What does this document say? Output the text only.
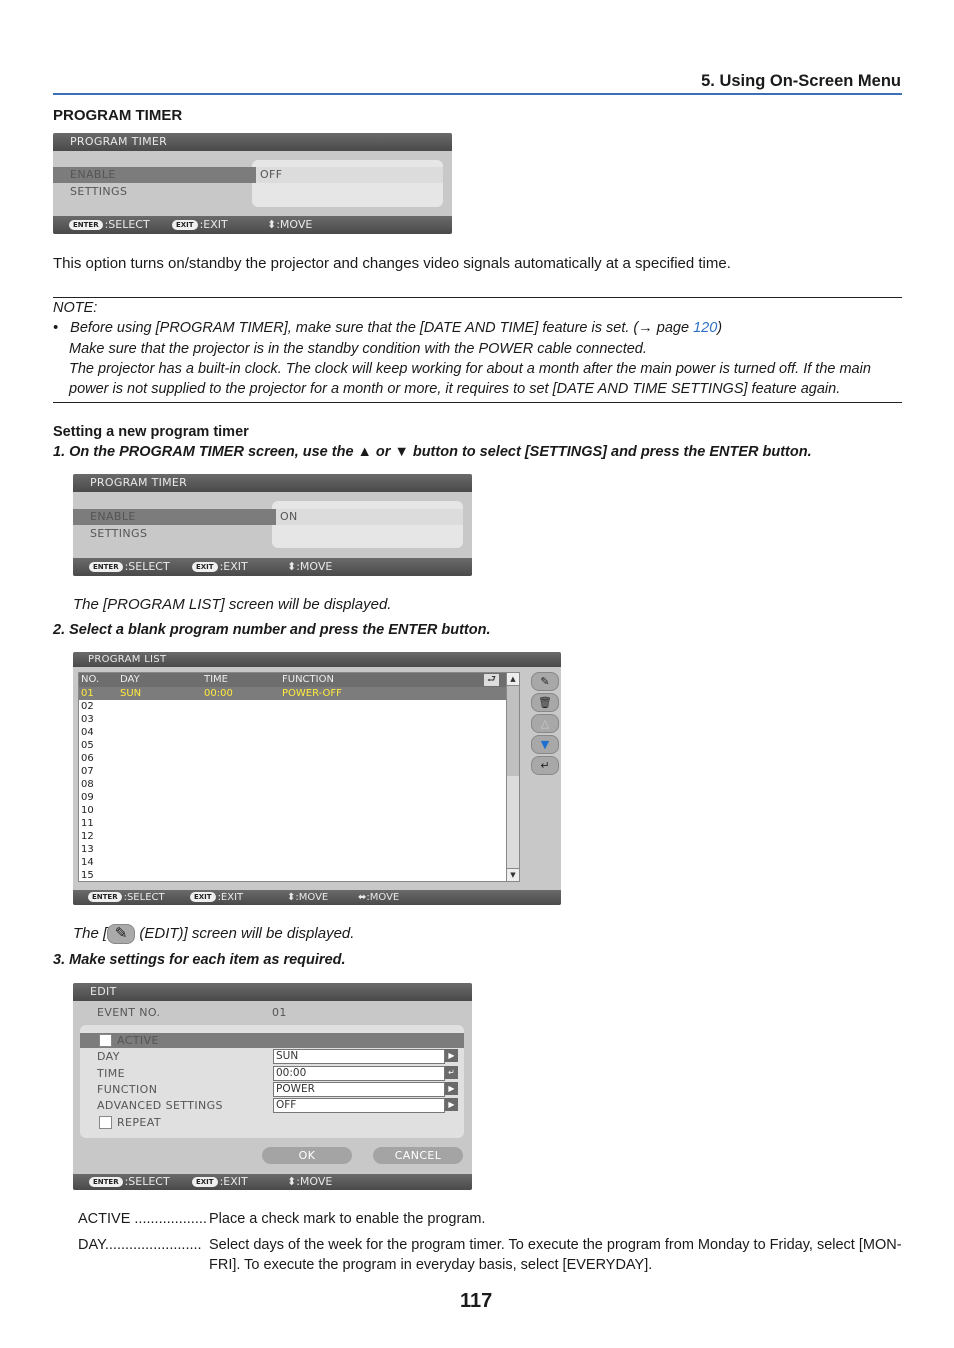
5. Using On-Screen Menu
PROGRAM TIMER
PROGRAM TIMER
ENABLE	OFF
SETTINGS
ENTER :SELECT	EXIT :EXIT	⬍:MOVE
This option turns on/standby the projector and changes video signals automatically at a specified time.
NOTE:
• Before using [PROGRAM TIMER], make sure that the [DATE AND TIME] feature is set. (→ page 120)
Make sure that the projector is in the standby condition with the POWER cable connected.
The projector has a built-in clock. The clock will keep working for about a month after the main power is turned off. If the main power is not supplied to the projector for a month or more, it requires to set [DATE AND TIME SETTINGS] feature again.
Setting a new program timer
1. On the PROGRAM TIMER screen, use the ▲ or ▼ button to select [SETTINGS] and press the ENTER button.
PROGRAM TIMER
ENABLE	ON
SETTINGS
ENTER :SELECT	EXIT :EXIT	⬍:MOVE
The [PROGRAM LIST] screen will be displayed.
2. Select a blank program number and press the ENTER button.
PROGRAM LIST
NO. DAY	TIME	FUNCTION	⮐
01	SUN	00:00	POWER-OFF
02
03
04
05
06
07
08
09
10
11
12
13
14
15
▲
▼
✎
🗑
△
▼
↵
ENTER :SELECT	EXIT :EXIT	⬍:MOVE	⬌:MOVE
The [ ✎ (EDIT)] screen will be displayed.
3. Make settings for each item as required.
EDIT
EVENT NO.	01
ACTIVE
DAY	SUN	▶
TIME	00:00	↵
FUNCTION	POWER	▶
ADVANCED SETTINGS	OFF	▶
REPEAT
OK	CANCEL
ENTER :SELECT	EXIT :EXIT	⬍:MOVE
ACTIVE .................. Place a check mark to enable the program.
DAY........................ Select days of the week for the program timer. To execute the program from Monday to Friday, select [MON-FRI]. To execute the program in everyday basis, select [EVERYDAY].
117
